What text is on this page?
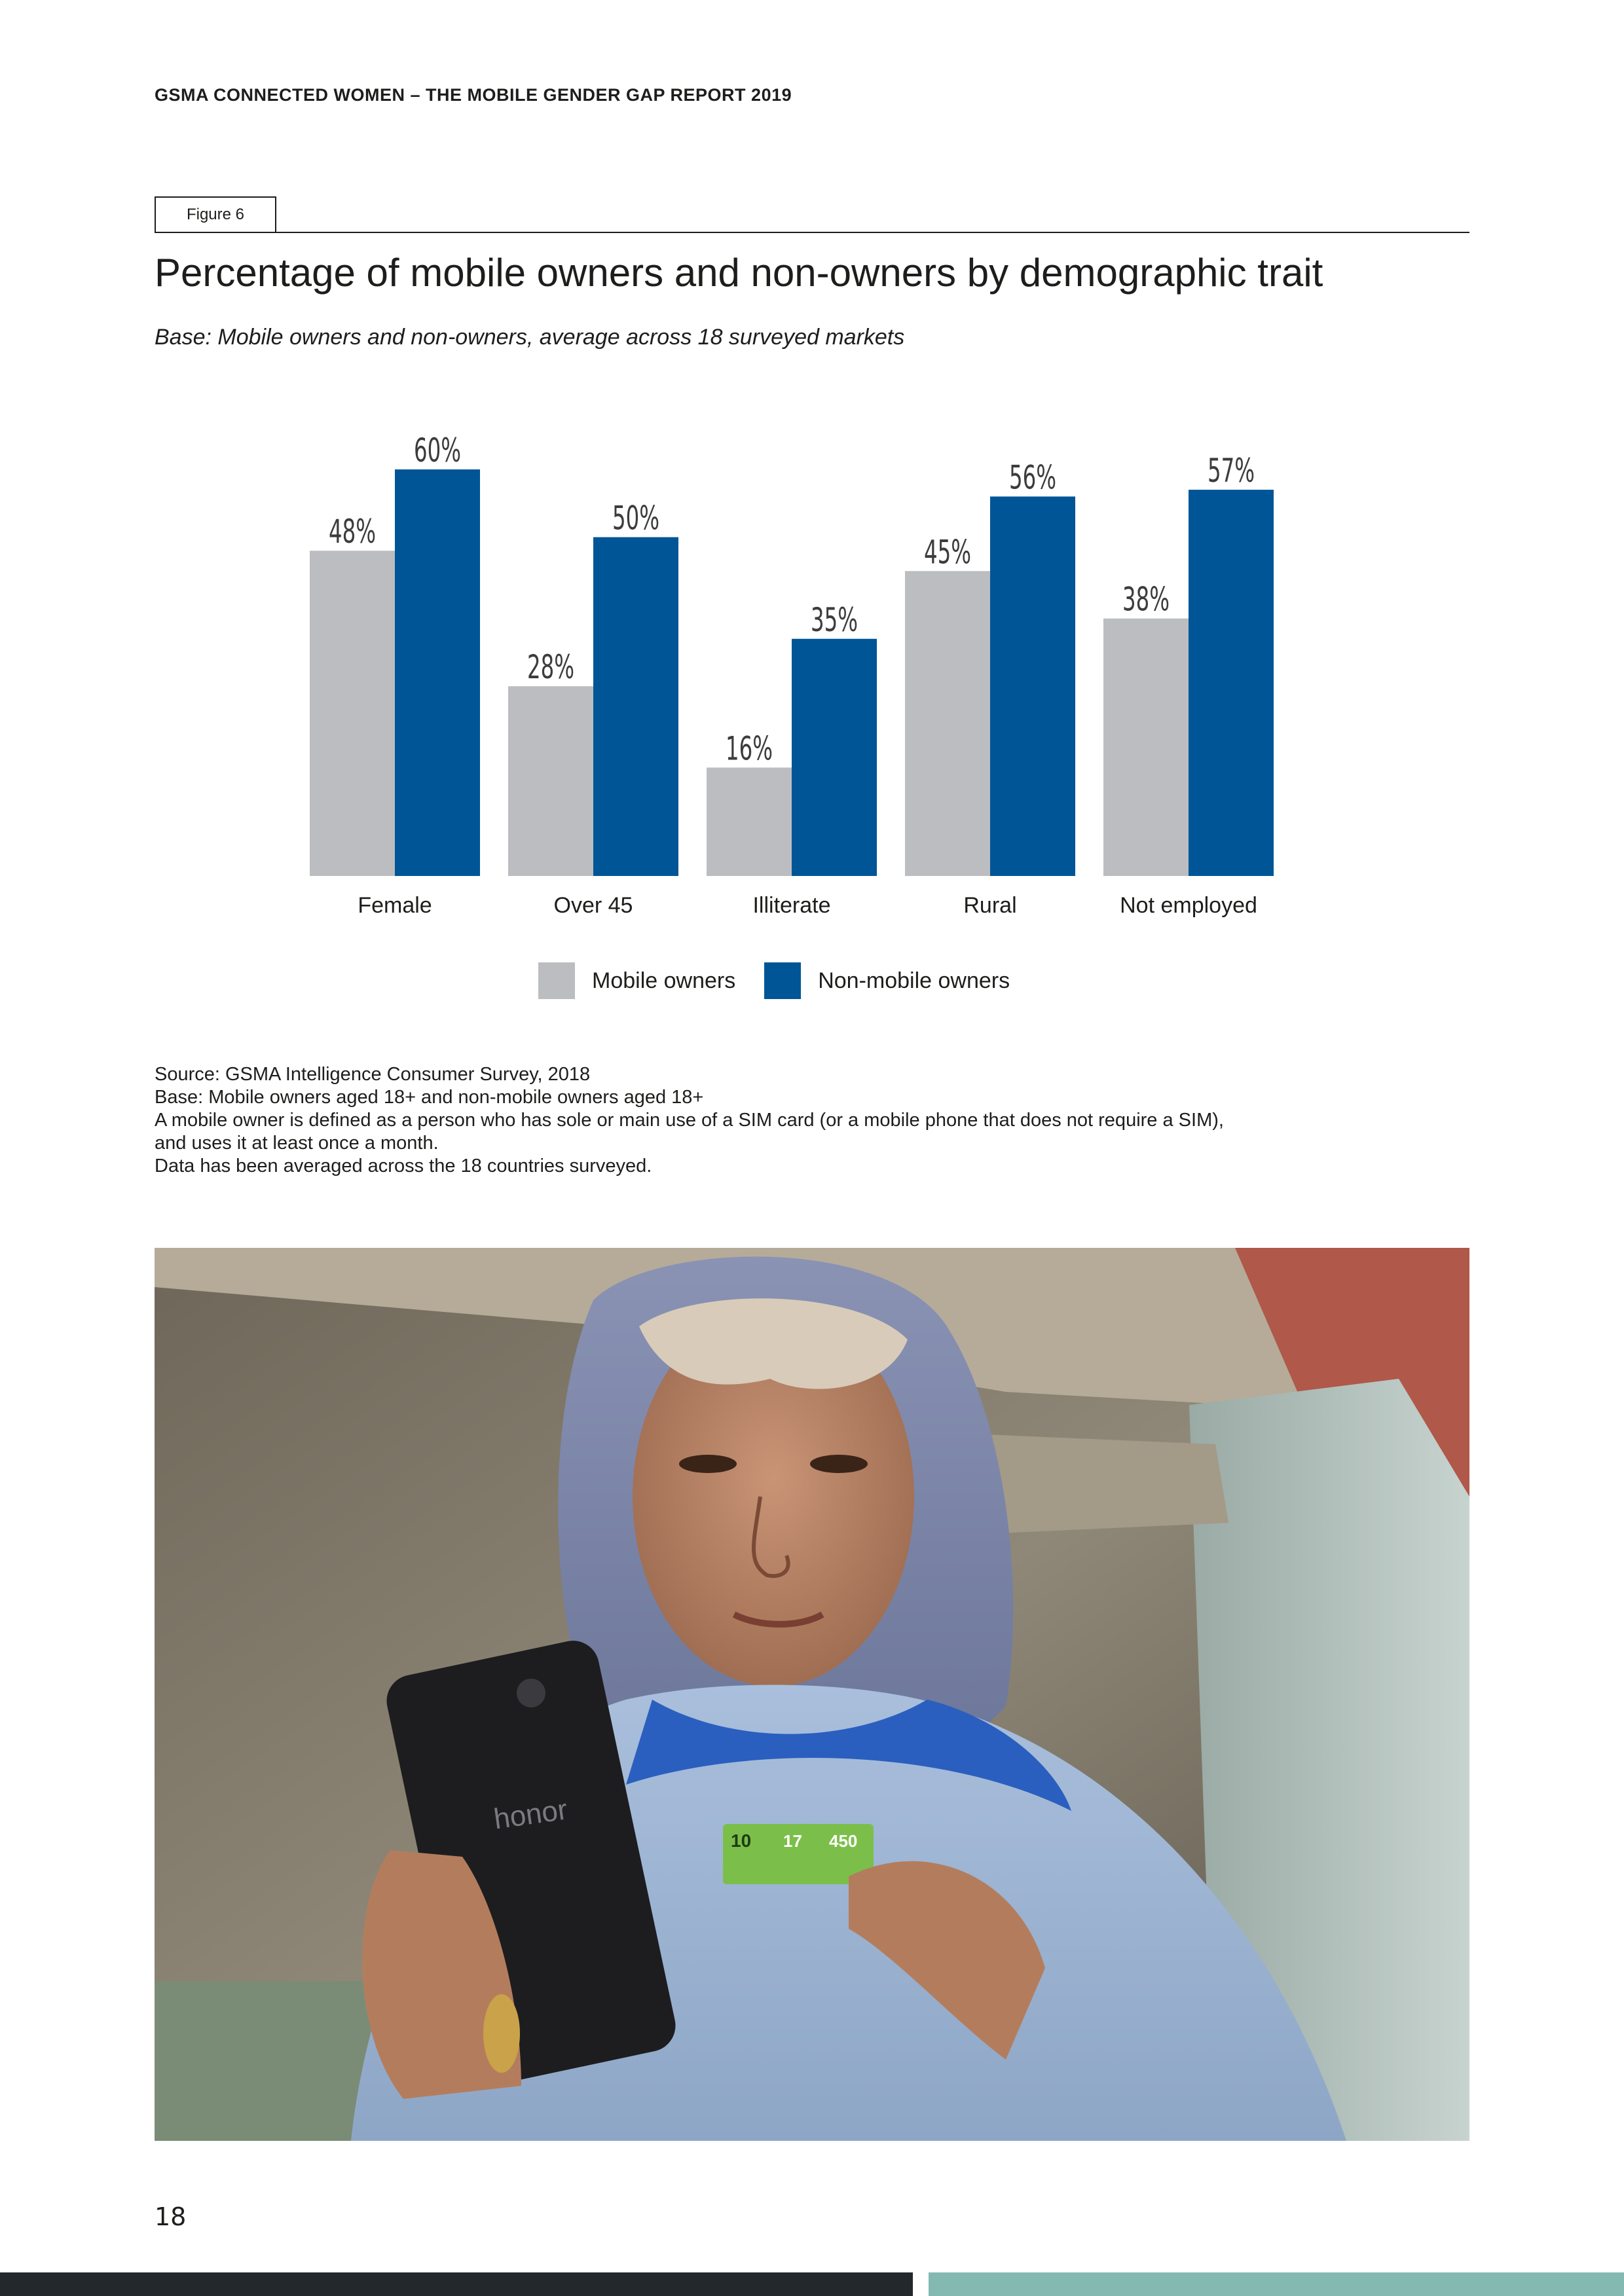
GSMA CONNECTED WOMEN – THE MOBILE GENDER GAP REPORT 2019
Figure 6
Percentage of mobile owners and non-owners by demographic trait
Base: Mobile owners and non-owners, average across 18 surveyed markets
48%
60%
Female
28%
50%
Over 45
16%
35%
Illiterate
45%
56%
Rural
38%
57%
Not employed
Mobile owners	Non-mobile owners
Source: GSMA Intelligence Consumer Survey, 2018
Base: Mobile owners aged 18+ and non-mobile owners aged 18+
A mobile owner is defined as a person who has sole or main use of a SIM card (or a mobile phone that does not require a SIM),
and uses it at least once a month.
Data has been averaged across the 18 countries surveyed.
10 17 450
honor
18
